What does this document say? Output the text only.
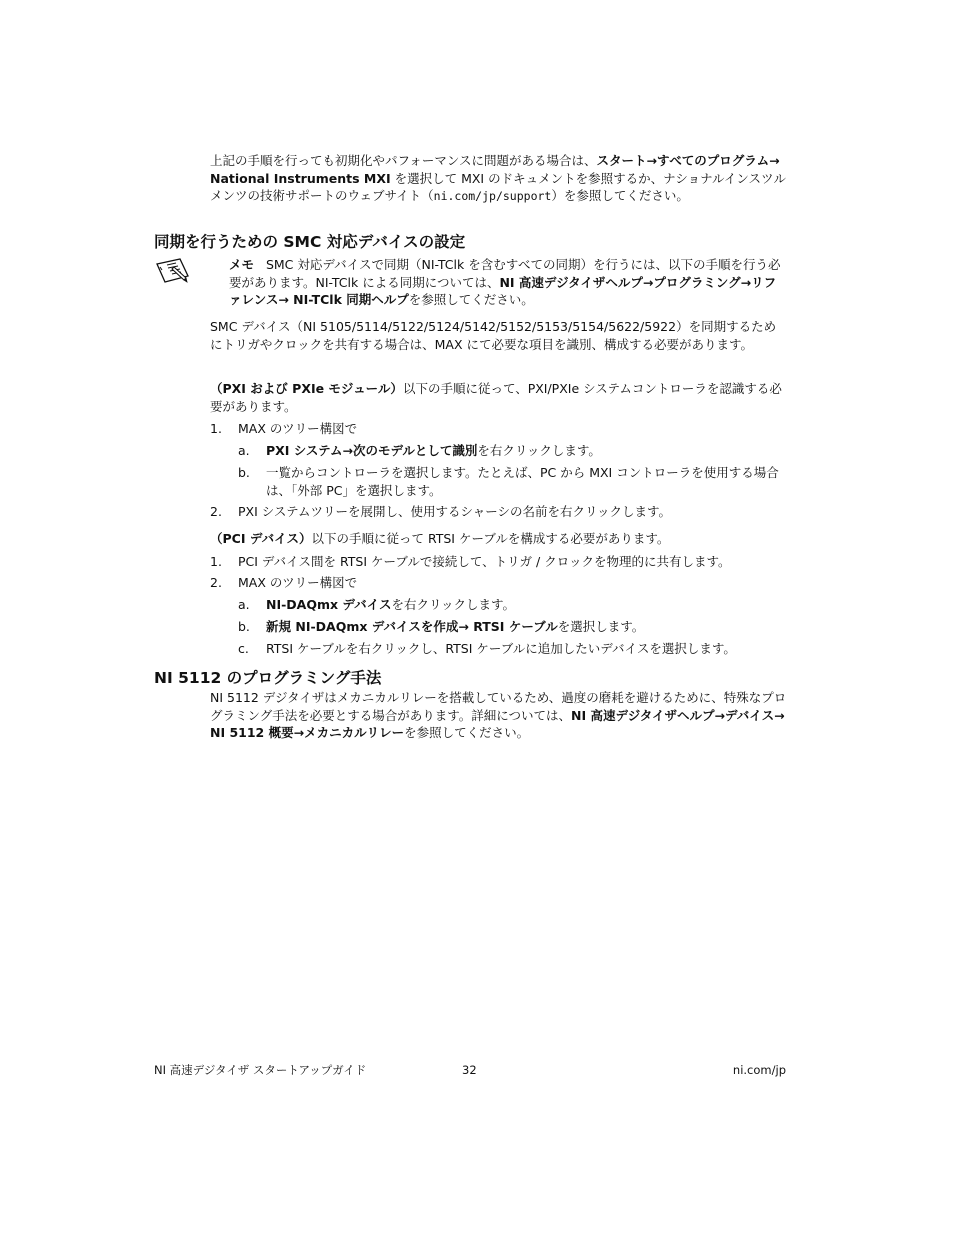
上記の手順を行っても初期化やパフォーマンスに問題がある場合は、スタート→すべてのプログラム→ National Instruments MXI を選択して MXI のドキュメントを参照するか、ナショナルインスツルメンツの技術サポートのウェブサイト（ni.com/jp/support）を参照してください。
同期を行うための SMC 対応デバイスの設定
メモ SMC 対応デバイスで同期（NI-TClk を含むすべての同期）を行うには、以下の手順を行う必要があります。NI-TClk による同期については、NI 高速デジタイザヘルプ→プログラミング→リファレンス→ NI-TClk 同期ヘルプを参照してください。
SMC デバイス（NI 5105/5114/5122/5124/5142/5152/5153/5154/5622/5922）を同期するためにトリガやクロックを共有する場合は、MAX にて必要な項目を識別、構成する必要があります。
（PXI および PXIe モジュール）以下の手順に従って、PXI/PXIe システムコントローラを認識する必要があります。
1. MAX のツリー構図で
a. PXI システム→次のモデルとして識別を右クリックします。
b. 一覧からコントローラを選択します。たとえば、PC から MXI コントローラを使用する場合は、「外部 PC」を選択します。
2. PXI システムツリーを展開し、使用するシャーシの名前を右クリックします。
（PCI デバイス）以下の手順に従って RTSI ケーブルを構成する必要があります。
1. PCI デバイス間を RTSI ケーブルで接続して、トリガ / クロックを物理的に共有します。
2. MAX のツリー構図で
a. NI-DAQmx デバイスを右クリックします。
b. 新規 NI-DAQmx デバイスを作成→ RTSI ケーブルを選択します。
c. RTSI ケーブルを右クリックし、RTSI ケーブルに追加したいデバイスを選択します。
NI 5112 のプログラミング手法
NI 5112 デジタイザはメカニカルリレーを搭載しているため、過度の磨耗を避けるために、特殊なプログラミング手法を必要とする場合があります。詳細については、NI 高速デジタイザヘルプ→デバイス→ NI 5112 概要→メカニカルリレーを参照してください。
NI 高速デジタイザ スタートアップガイド	32	ni.com/jp
